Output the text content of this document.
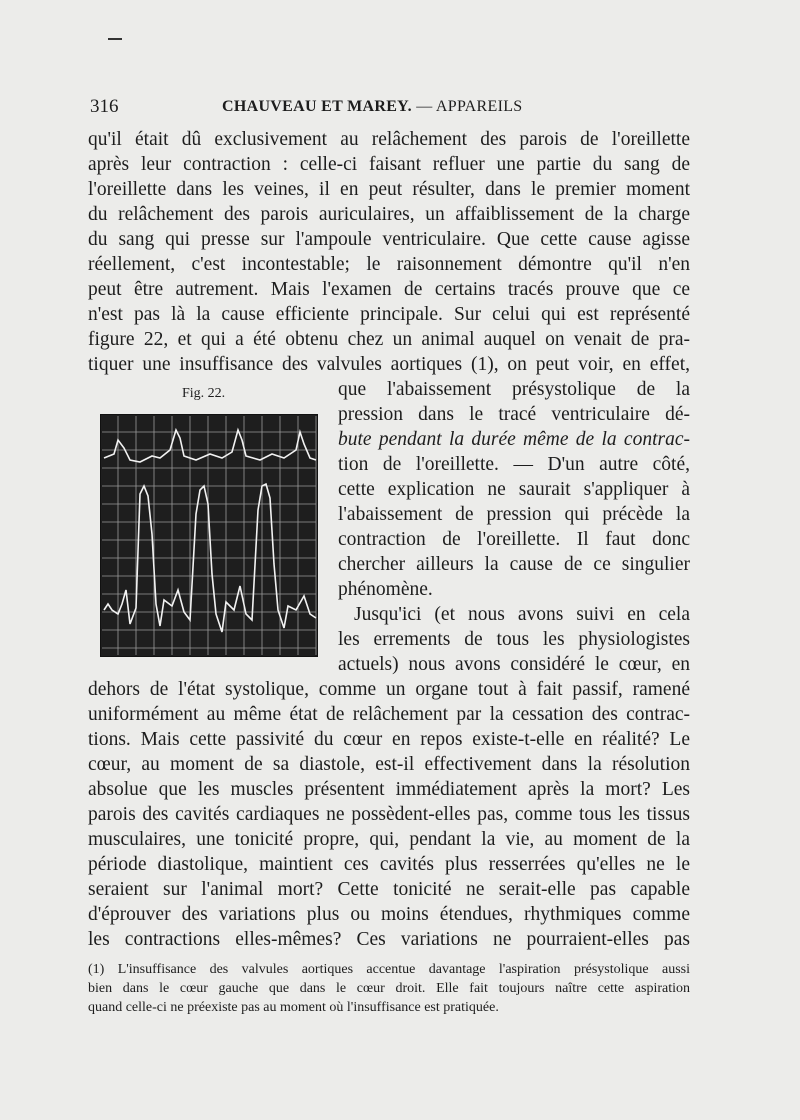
316	CHAUVEAU ET MAREY. — APPAREILS
qu'il était dû exclusivement au relâchement des parois de l'oreillette
après leur contraction : celle-ci faisant refluer une partie du sang de
l'oreillette dans les veines, il en peut résulter, dans le premier moment
du relâchement des parois auriculaires, un affaiblissement de la charge
du sang qui presse sur l'ampoule ventriculaire. Que cette cause agisse
réellement, c'est incontestable; le raisonnement démontre qu'il n'en
peut être autrement. Mais l'examen de certains tracés prouve que ce
n'est pas là la cause efficiente principale. Sur celui qui est représenté
figure 22, et qui a été obtenu chez un animal auquel on venait de pra-
tiquer une insuffisance des valvules aortiques (1), on peut voir, en effet,
Fig. 22.	que l'abaissement présystolique de la
pression dans le tracé ventriculaire dé-
bute pendant la durée même de la contrac-
tion de l'oreillette. — D'un autre côté,
cette explication ne saurait s'appliquer à
l'abaissement de pression qui précède la
contraction de l'oreillette. Il faut donc
chercher ailleurs la cause de ce singulier
phénomène.
Jusqu'ici (et nous avons suivi en cela
les errements de tous les physiologistes
actuels) nous avons considéré le cœur, en
dehors de l'état systolique, comme un organe tout à fait passif, ramené
uniformément au même état de relâchement par la cessation des contrac-
tions. Mais cette passivité du cœur en repos existe-t-elle en réalité? Le
cœur, au moment de sa diastole, est-il effectivement dans la résolution
absolue que les muscles présentent immédiatement après la mort? Les
parois des cavités cardiaques ne possèdent-elles pas, comme tous les tissus
musculaires, une tonicité propre, qui, pendant la vie, au moment de la
période diastolique, maintient ces cavités plus resserrées qu'elles ne le
seraient sur l'animal mort? Cette tonicité ne serait-elle pas capable
d'éprouver des variations plus ou moins étendues, rhythmiques comme
les contractions elles-mêmes? Ces variations ne pourraient-elles pas
(1) L'insuffisance des valvules aortiques accentue davantage l'aspiration présystolique aussi
bien dans le cœur gauche que dans le cœur droit. Elle fait toujours naître cette aspiration
quand celle-ci ne préexiste pas au moment où l'insuffisance est pratiquée.
